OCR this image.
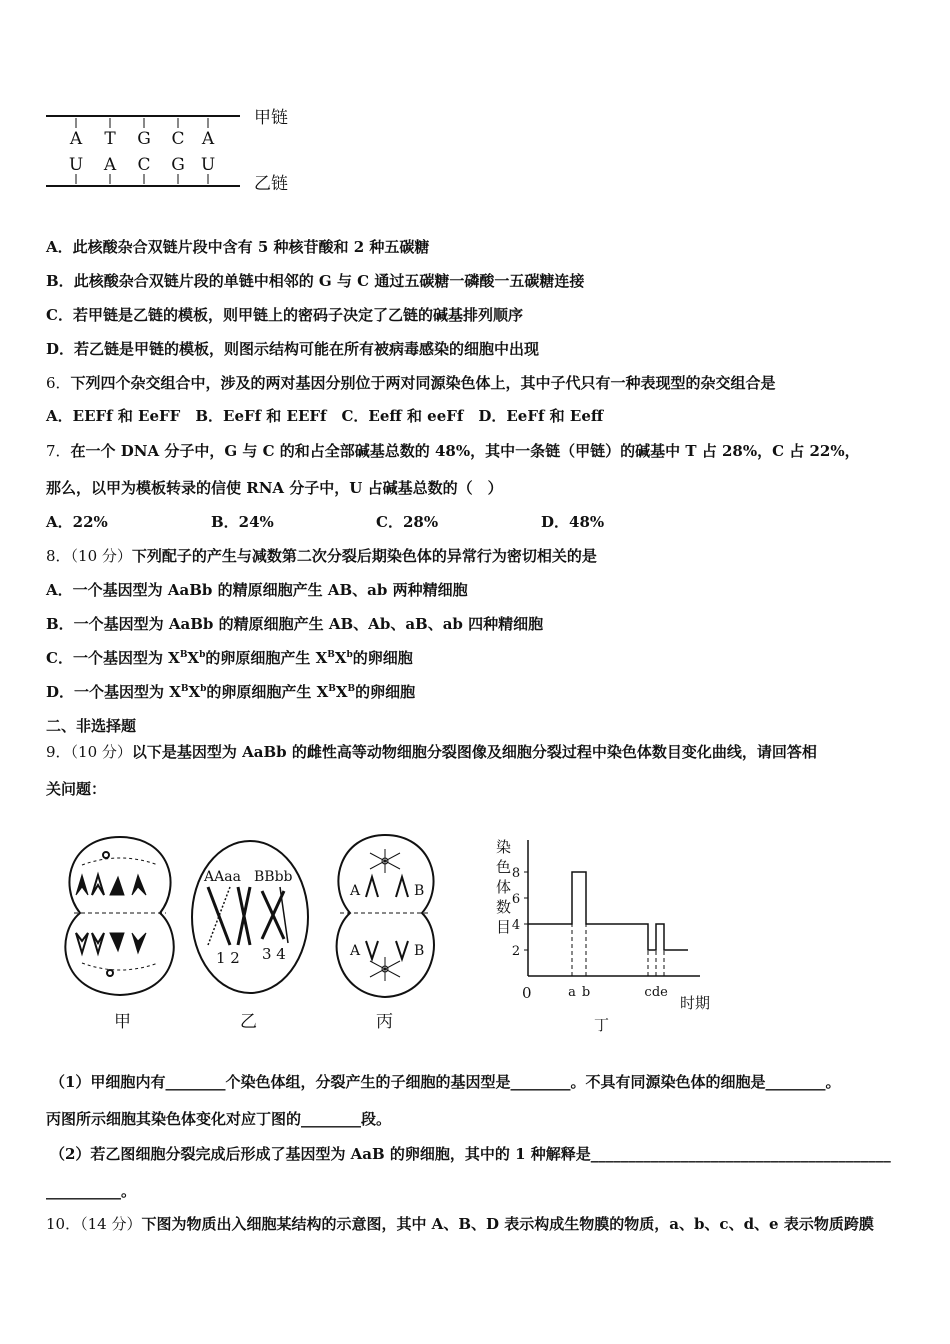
A T G C A
U A C G U
甲链
乙链
A．此核酸杂合双链片段中含有 5 种核苷酸和 2 种五碳糖
B．此核酸杂合双链片段的单链中相邻的 G 与 C 通过五碳糖一磷酸一五碳糖连接
C．若甲链是乙链的模板，则甲链上的密码子决定了乙链的碱基排列顺序
D．若乙链是甲链的模板，则图示结构可能在所有被病毒感染的细胞中出现
6．下列四个杂交组合中，涉及的两对基因分别位于两对同源染色体上，其中子代只有一种表现型的杂交组合是
A．EEFf 和 EeFF　B．EeFf 和 EEFf　C．Eeff 和 eeFf　D．EeFf 和 Eeff
7．在一个 DNA 分子中，G 与 C 的和占全部碱基总数的 48%，其中一条链（甲链）的碱基中 T 占 28%，C 占 22%，
那么，以甲为模板转录的信使 RNA 分子中，U 占碱基总数的（　）
A．22%	B．24%	C．28%	D．48%
8．（10 分）下列配子的产生与减数第二次分裂后期染色体的异常行为密切相关的是
A．一个基因型为 AaBb 的精原细胞产生 AB、ab 两种精细胞
B．一个基因型为 AaBb 的精原细胞产生 AB、Ab、aB、ab 四种精细胞
C．一个基因型为 $X^BX^b$的卵原细胞产生 $X^BX^b$的卵细胞
D．一个基因型为 $X^BX^b$的卵原细胞产生 $X^BX^B$的卵细胞
二、非选择题
9．（10 分）以下是基因型为 AaBb 的雌性高等动物细胞分裂图像及细胞分裂过程中染色体数目变化曲线，请回答相
关问题：
甲
AAaa BBbb
1 2 3 4
乙
A	B
A	B
丙
2
4
6
8
a b	c d e
染
色
体
数
目
0
时期
丁
（1）甲细胞内有________个染色体组，分裂产生的子细胞的基因型是________。不具有同源染色体的细胞是________。
丙图所示细胞其染色体变化对应丁图的________段。
（2）若乙图细胞分裂完成后形成了基因型为 AaB 的卵细胞，其中的 1 种解释是________________________________________
__________。
10．（14 分）下图为物质出入细胞某结构的示意图，其中 A、B、D 表示构成生物膜的物质，a、b、c、d、e 表示物质跨膜
